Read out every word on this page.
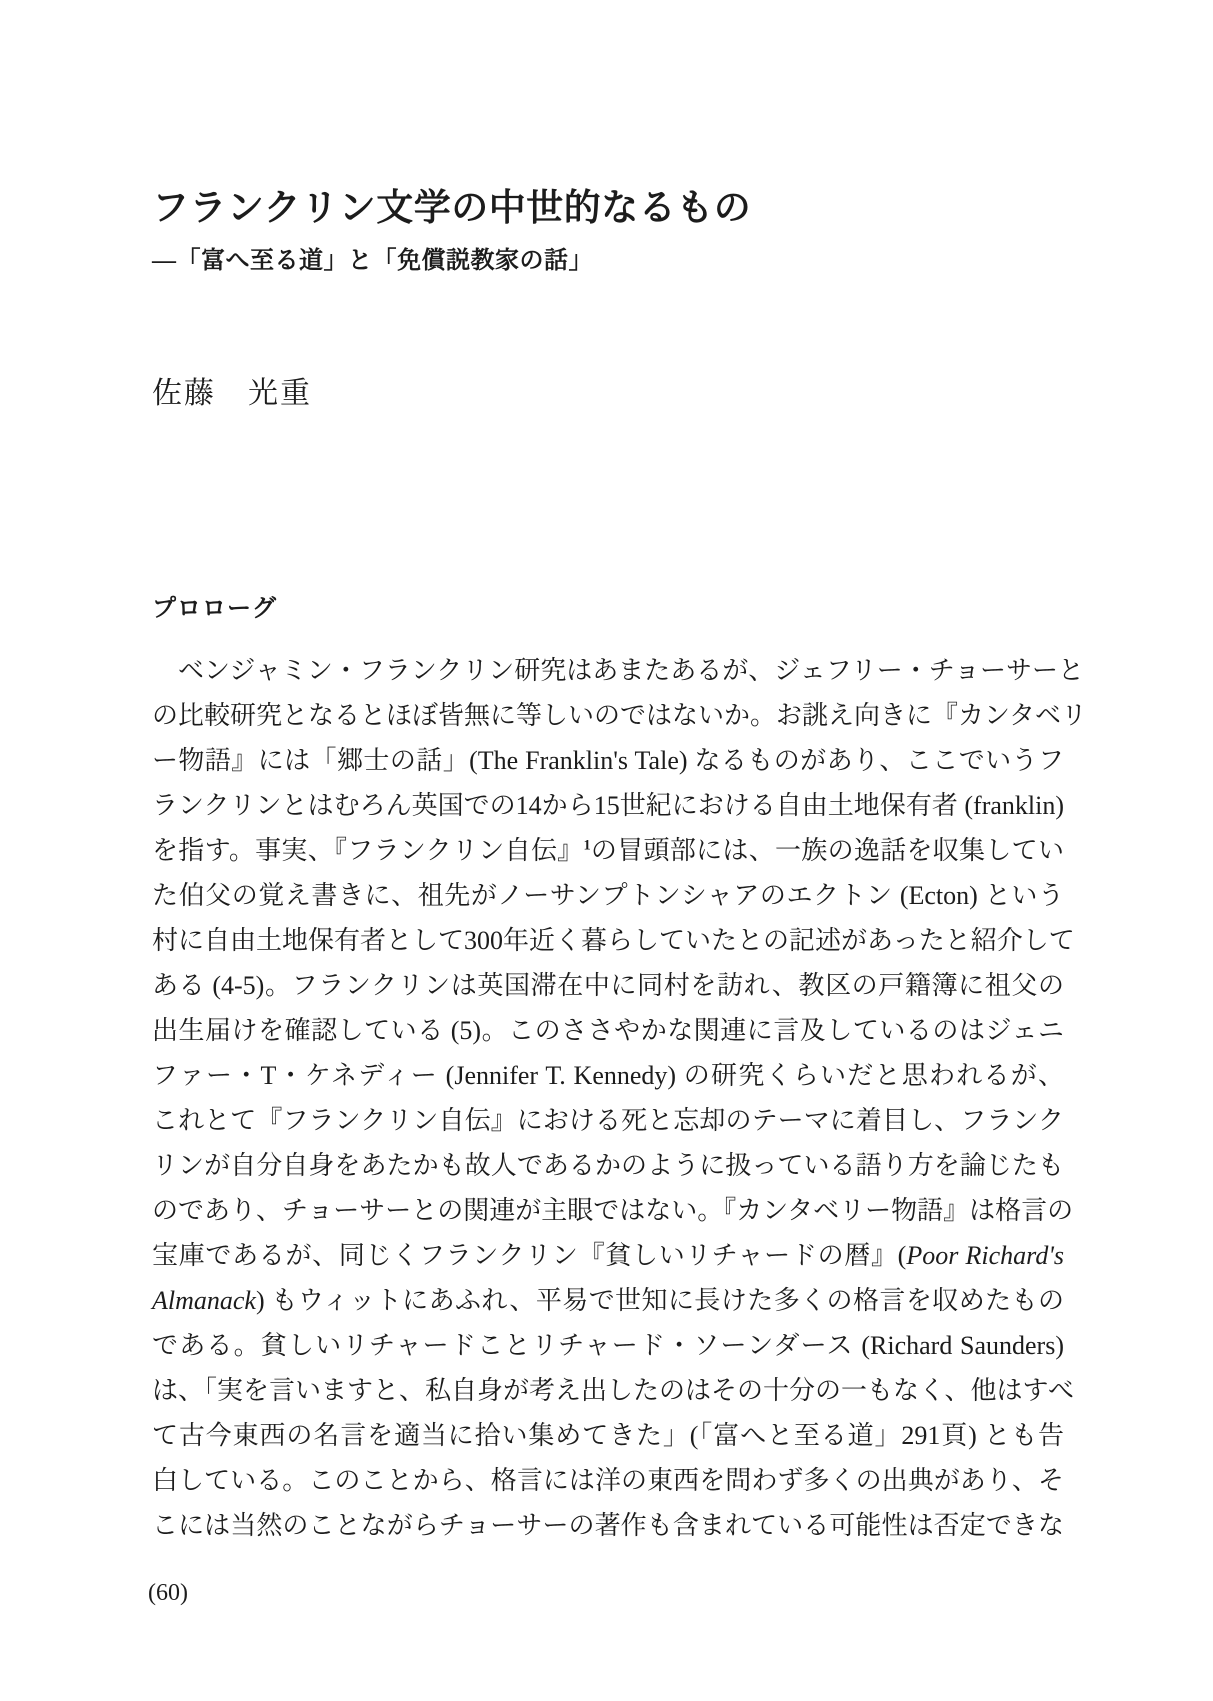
フランクリン文学の中世的なるもの
―「富へ至る道」と「免償説教家の話」
佐藤　光重
プロローグ
　ベンジャミン・フランクリン研究はあまたあるが、ジェフリー・チョーサーと
の比較研究となるとほぼ皆無に等しいのではないか。お誂え向きに『カンタベリ
ー物語』には「郷士の話」(The Franklin's Tale) なるものがあり、ここでいうフ
ランクリンとはむろん英国での14から15世紀における自由土地保有者 (franklin)
を指す。事実、『フランクリン自伝』$^1$の冒頭部には、一族の逸話を収集してい
た伯父の覚え書きに、祖先がノーサンプトンシャアのエクトン (Ecton) という
村に自由土地保有者として300年近く暮らしていたとの記述があったと紹介して
ある (4-5)。フランクリンは英国滞在中に同村を訪れ、教区の戸籍簿に祖父の
出生届けを確認している (5)。このささやかな関連に言及しているのはジェニ
ファー・T・ケネディー (Jennifer T. Kennedy) の研究くらいだと思われるが、
これとて『フランクリン自伝』における死と忘却のテーマに着目し、フランク
リンが自分自身をあたかも故人であるかのように扱っている語り方を論じたも
のであり、チョーサーとの関連が主眼ではない。『カンタベリー物語』は格言の
宝庫であるが、同じくフランクリン『貧しいリチャードの暦』(Poor Richard's
Almanack) もウィットにあふれ、平易で世知に長けた多くの格言を収めたもの
である。貧しいリチャードことリチャード・ソーンダース (Richard Saunders)
は、「実を言いますと、私自身が考え出したのはその十分の一もなく、他はすべ
て古今東西の名言を適当に拾い集めてきた」(「富へと至る道」291頁) とも告
白している。このことから、格言には洋の東西を問わず多くの出典があり、そ
こには当然のことながらチョーサーの著作も含まれている可能性は否定できな
(60)
